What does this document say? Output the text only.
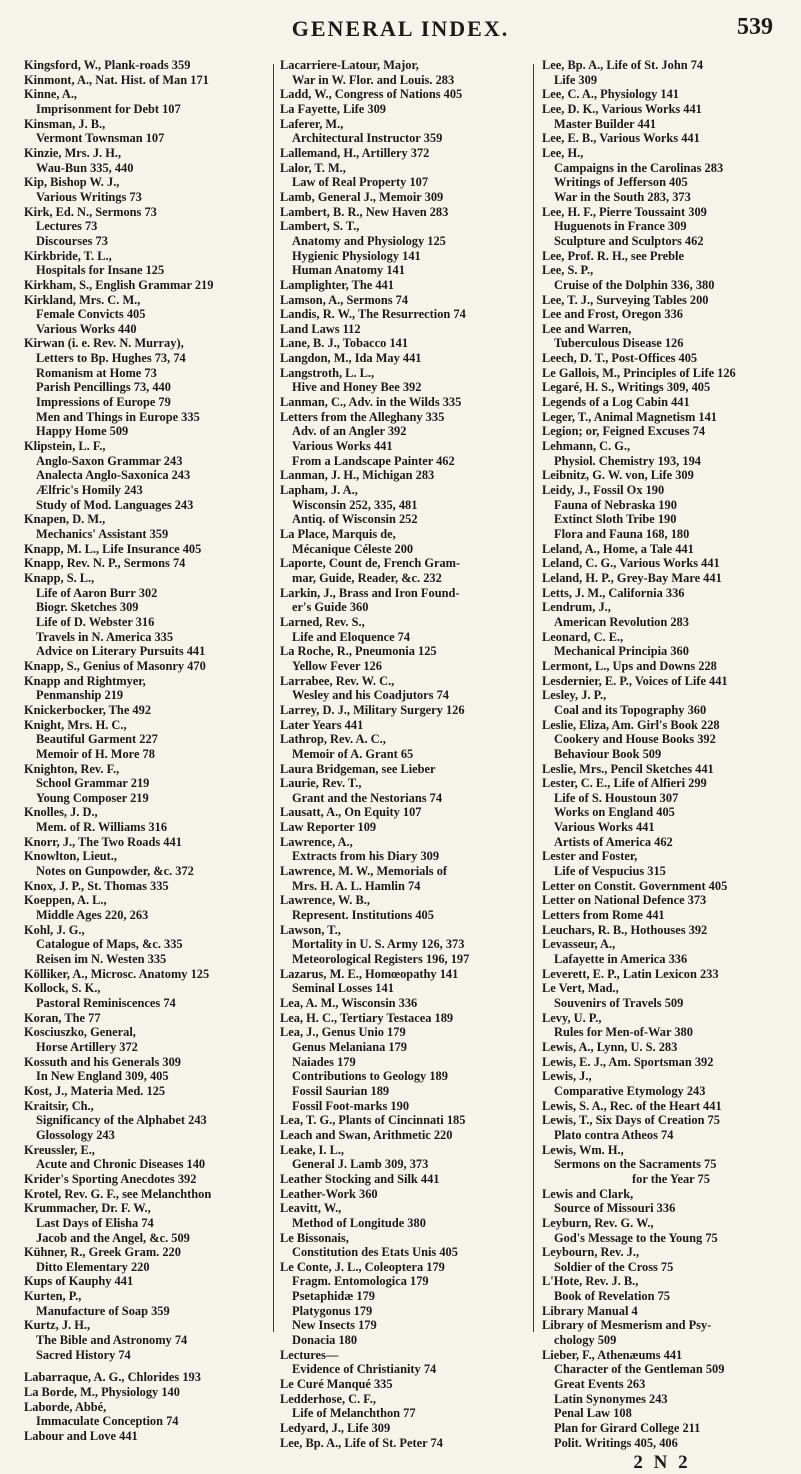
GENERAL INDEX.	539
Kingsford, W., Plank-roads 359
Kinmont, A., Nat. Hist. of Man 171
Kinne, A.,
Imprisonment for Debt 107
Kinsman, J. B.,
Vermont Townsman 107
Kinzie, Mrs. J. H.,
Wau-Bun 335, 440
Kip, Bishop W. J.,
Various Writings 73
Kirk, Ed. N., Sermons 73
Lectures 73
Discourses 73
Kirkbride, T. L.,
Hospitals for Insane 125
Kirkham, S., English Grammar 219
Kirkland, Mrs. C. M.,
Female Convicts 405
Various Works 440
Kirwan (i. e. Rev. N. Murray),
Letters to Bp. Hughes 73, 74
Romanism at Home 73
Parish Pencillings 73, 440
Impressions of Europe 79
Men and Things in Europe 335
Happy Home 509
Klipstein, L. F.,
Anglo-Saxon Grammar 243
Analecta Anglo-Saxonica 243
Ælfric's Homily 243
Study of Mod. Languages 243
Knapen, D. M.,
Mechanics' Assistant 359
Knapp, M. L., Life Insurance 405
Knapp, Rev. N. P., Sermons 74
Knapp, S. L.,
Life of Aaron Burr 302
Biogr. Sketches 309
Life of D. Webster 316
Travels in N. America 335
Advice on Literary Pursuits 441
Knapp, S., Genius of Masonry 470
Knapp and Rightmyer,
Penmanship 219
Knickerbocker, The 492
Knight, Mrs. H. C.,
Beautiful Garment 227
Memoir of H. More 78
Knighton, Rev. F.,
School Grammar 219
Young Composer 219
Knolles, J. D.,
Mem. of R. Williams 316
Knorr, J., The Two Roads 441
Knowlton, Lieut.,
Notes on Gunpowder, &c. 372
Knox, J. P., St. Thomas 335
Koeppen, A. L.,
Middle Ages 220, 263
Kohl, J. G.,
Catalogue of Maps, &c. 335
Reisen im N. Westen 335
Kölliker, A., Microsc. Anatomy 125
Kollock, S. K.,
Pastoral Reminiscences 74
Koran, The 77
Kosciuszko, General,
Horse Artillery 372
Kossuth and his Generals 309
In New England 309, 405
Kost, J., Materia Med. 125
Kraitsir, Ch.,
Significancy of the Alphabet 243
Glossology 243
Kreussler, E.,
Acute and Chronic Diseases 140
Krider's Sporting Anecdotes 392
Krotel, Rev. G. F., see Melanchthon
Krummacher, Dr. F. W.,
Last Days of Elisha 74
Jacob and the Angel, &c. 509
Kühner, R., Greek Gram. 220
Ditto Elementary 220
Kups of Kauphy 441
Kurten, P.,
Manufacture of Soap 359
Kurtz, J. H.,
The Bible and Astronomy 74
Sacred History 74
Labarraque, A. G., Chlorides 193
La Borde, M., Physiology 140
Laborde, Abbé,
Immaculate Conception 74
Labour and Love 441
Lacarriere-Latour, Major,
War in W. Flor. and Louis. 283
Ladd, W., Congress of Nations 405
La Fayette, Life 309
Laferer, M.,
Architectural Instructor 359
Lallemand, H., Artillery 372
Lalor, T. M.,
Law of Real Property 107
Lamb, General J., Memoir 309
Lambert, B. R., New Haven 283
Lambert, S. T.,
Anatomy and Physiology 125
Hygienic Physiology 141
Human Anatomy 141
Lamplighter, The 441
Lamson, A., Sermons 74
Landis, R. W., The Resurrection 74
Land Laws 112
Lane, B. J., Tobacco 141
Langdon, M., Ida May 441
Langstroth, L. L.,
Hive and Honey Bee 392
Lanman, C., Adv. in the Wilds 335
Letters from the Alleghany 335
Adv. of an Angler 392
Various Works 441
From a Landscape Painter 462
Lanman, J. H., Michigan 283
Lapham, J. A.,
Wisconsin 252, 335, 481
Antiq. of Wisconsin 252
La Place, Marquis de,
Mécanique Céleste 200
Laporte, Count de, French Gram-
mar, Guide, Reader, &c. 232
Larkin, J., Brass and Iron Found-
er's Guide 360
Larned, Rev. S.,
Life and Eloquence 74
La Roche, R., Pneumonia 125
Yellow Fever 126
Larrabee, Rev. W. C.,
Wesley and his Coadjutors 74
Larrey, D. J., Military Surgery 126
Later Years 441
Lathrop, Rev. A. C.,
Memoir of A. Grant 65
Laura Bridgeman, see Lieber
Laurie, Rev. T.,
Grant and the Nestorians 74
Lausatt, A., On Equity 107
Law Reporter 109
Lawrence, A.,
Extracts from his Diary 309
Lawrence, M. W., Memorials of
Mrs. H. A. L. Hamlin 74
Lawrence, W. B.,
Represent. Institutions 405
Lawson, T.,
Mortality in U. S. Army 126, 373
Meteorological Registers 196, 197
Lazarus, M. E., Homœopathy 141
Seminal Losses 141
Lea, A. M., Wisconsin 336
Lea, H. C., Tertiary Testacea 189
Lea, J., Genus Unio 179
Genus Melaniana 179
Naiades 179
Contributions to Geology 189
Fossil Saurian 189
Fossil Foot-marks 190
Lea, T. G., Plants of Cincinnati 185
Leach and Swan, Arithmetic 220
Leake, I. L.,
General J. Lamb 309, 373
Leather Stocking and Silk 441
Leather-Work 360
Leavitt, W.,
Method of Longitude 380
Le Bissonais,
Constitution des Etats Unis 405
Le Conte, J. L., Coleoptera 179
Fragm. Entomologica 179
Psetaphidæ 179
Platygonus 179
New Insects 179
Donacia 180
Lectures—
Evidence of Christianity 74
Le Curé Manqué 335
Ledderhose, C. F.,
Life of Melanchthon 77
Ledyard, J., Life 309
Lee, Bp. A., Life of St. Peter 74
Lee, Bp. A., Life of St. John 74
Life 309
Lee, C. A., Physiology 141
Lee, D. K., Various Works 441
Master Builder 441
Lee, E. B., Various Works 441
Lee, H.,
Campaigns in the Carolinas 283
Writings of Jefferson 405
War in the South 283, 373
Lee, H. F., Pierre Toussaint 309
Huguenots in France 309
Sculpture and Sculptors 462
Lee, Prof. R. H., see Preble
Lee, S. P.,
Cruise of the Dolphin 336, 380
Lee, T. J., Surveying Tables 200
Lee and Frost, Oregon 336
Lee and Warren,
Tuberculous Disease 126
Leech, D. T., Post-Offices 405
Le Gallois, M., Principles of Life 126
Legaré, H. S., Writings 309, 405
Legends of a Log Cabin 441
Leger, T., Animal Magnetism 141
Legion; or, Feigned Excuses 74
Lehmann, C. G.,
Physiol. Chemistry 193, 194
Leibnitz, G. W. von, Life 309
Leidy, J., Fossil Ox 190
Fauna of Nebraska 190
Extinct Sloth Tribe 190
Flora and Fauna 168, 180
Leland, A., Home, a Tale 441
Leland, C. G., Various Works 441
Leland, H. P., Grey-Bay Mare 441
Letts, J. M., California 336
Lendrum, J.,
American Revolution 283
Leonard, C. E.,
Mechanical Principia 360
Lermont, L., Ups and Downs 228
Lesdernier, E. P., Voices of Life 441
Lesley, J. P.,
Coal and its Topography 360
Leslie, Eliza, Am. Girl's Book 228
Cookery and House Books 392
Behaviour Book 509
Leslie, Mrs., Pencil Sketches 441
Lester, C. E., Life of Alfieri 299
Life of S. Houstoun 307
Works on England 405
Various Works 441
Artists of America 462
Lester and Foster,
Life of Vespucius 315
Letter on Constit. Government 405
Letter on National Defence 373
Letters from Rome 441
Leuchars, R. B., Hothouses 392
Levasseur, A.,
Lafayette in America 336
Leverett, E. P., Latin Lexicon 233
Le Vert, Mad.,
Souvenirs of Travels 509
Levy, U. P.,
Rules for Men-of-War 380
Lewis, A., Lynn, U. S. 283
Lewis, E. J., Am. Sportsman 392
Lewis, J.,
Comparative Etymology 243
Lewis, S. A., Rec. of the Heart 441
Lewis, T., Six Days of Creation 75
Plato contra Atheos 74
Lewis, Wm. H.,
Sermons on the Sacraments 75
for the Year 75
Lewis and Clark,
Source of Missouri 336
Leyburn, Rev. G. W.,
God's Message to the Young 75
Leybourn, Rev. J.,
Soldier of the Cross 75
L'Hote, Rev. J. B.,
Book of Revelation 75
Library Manual 4
Library of Mesmerism and Psy-
chology 509
Lieber, F., Athenæums 441
Character of the Gentleman 509
Great Events 263
Latin Synonymes 243
Penal Law 108
Plan for Girard College 211
Polit. Writings 405, 406
2 N 2
